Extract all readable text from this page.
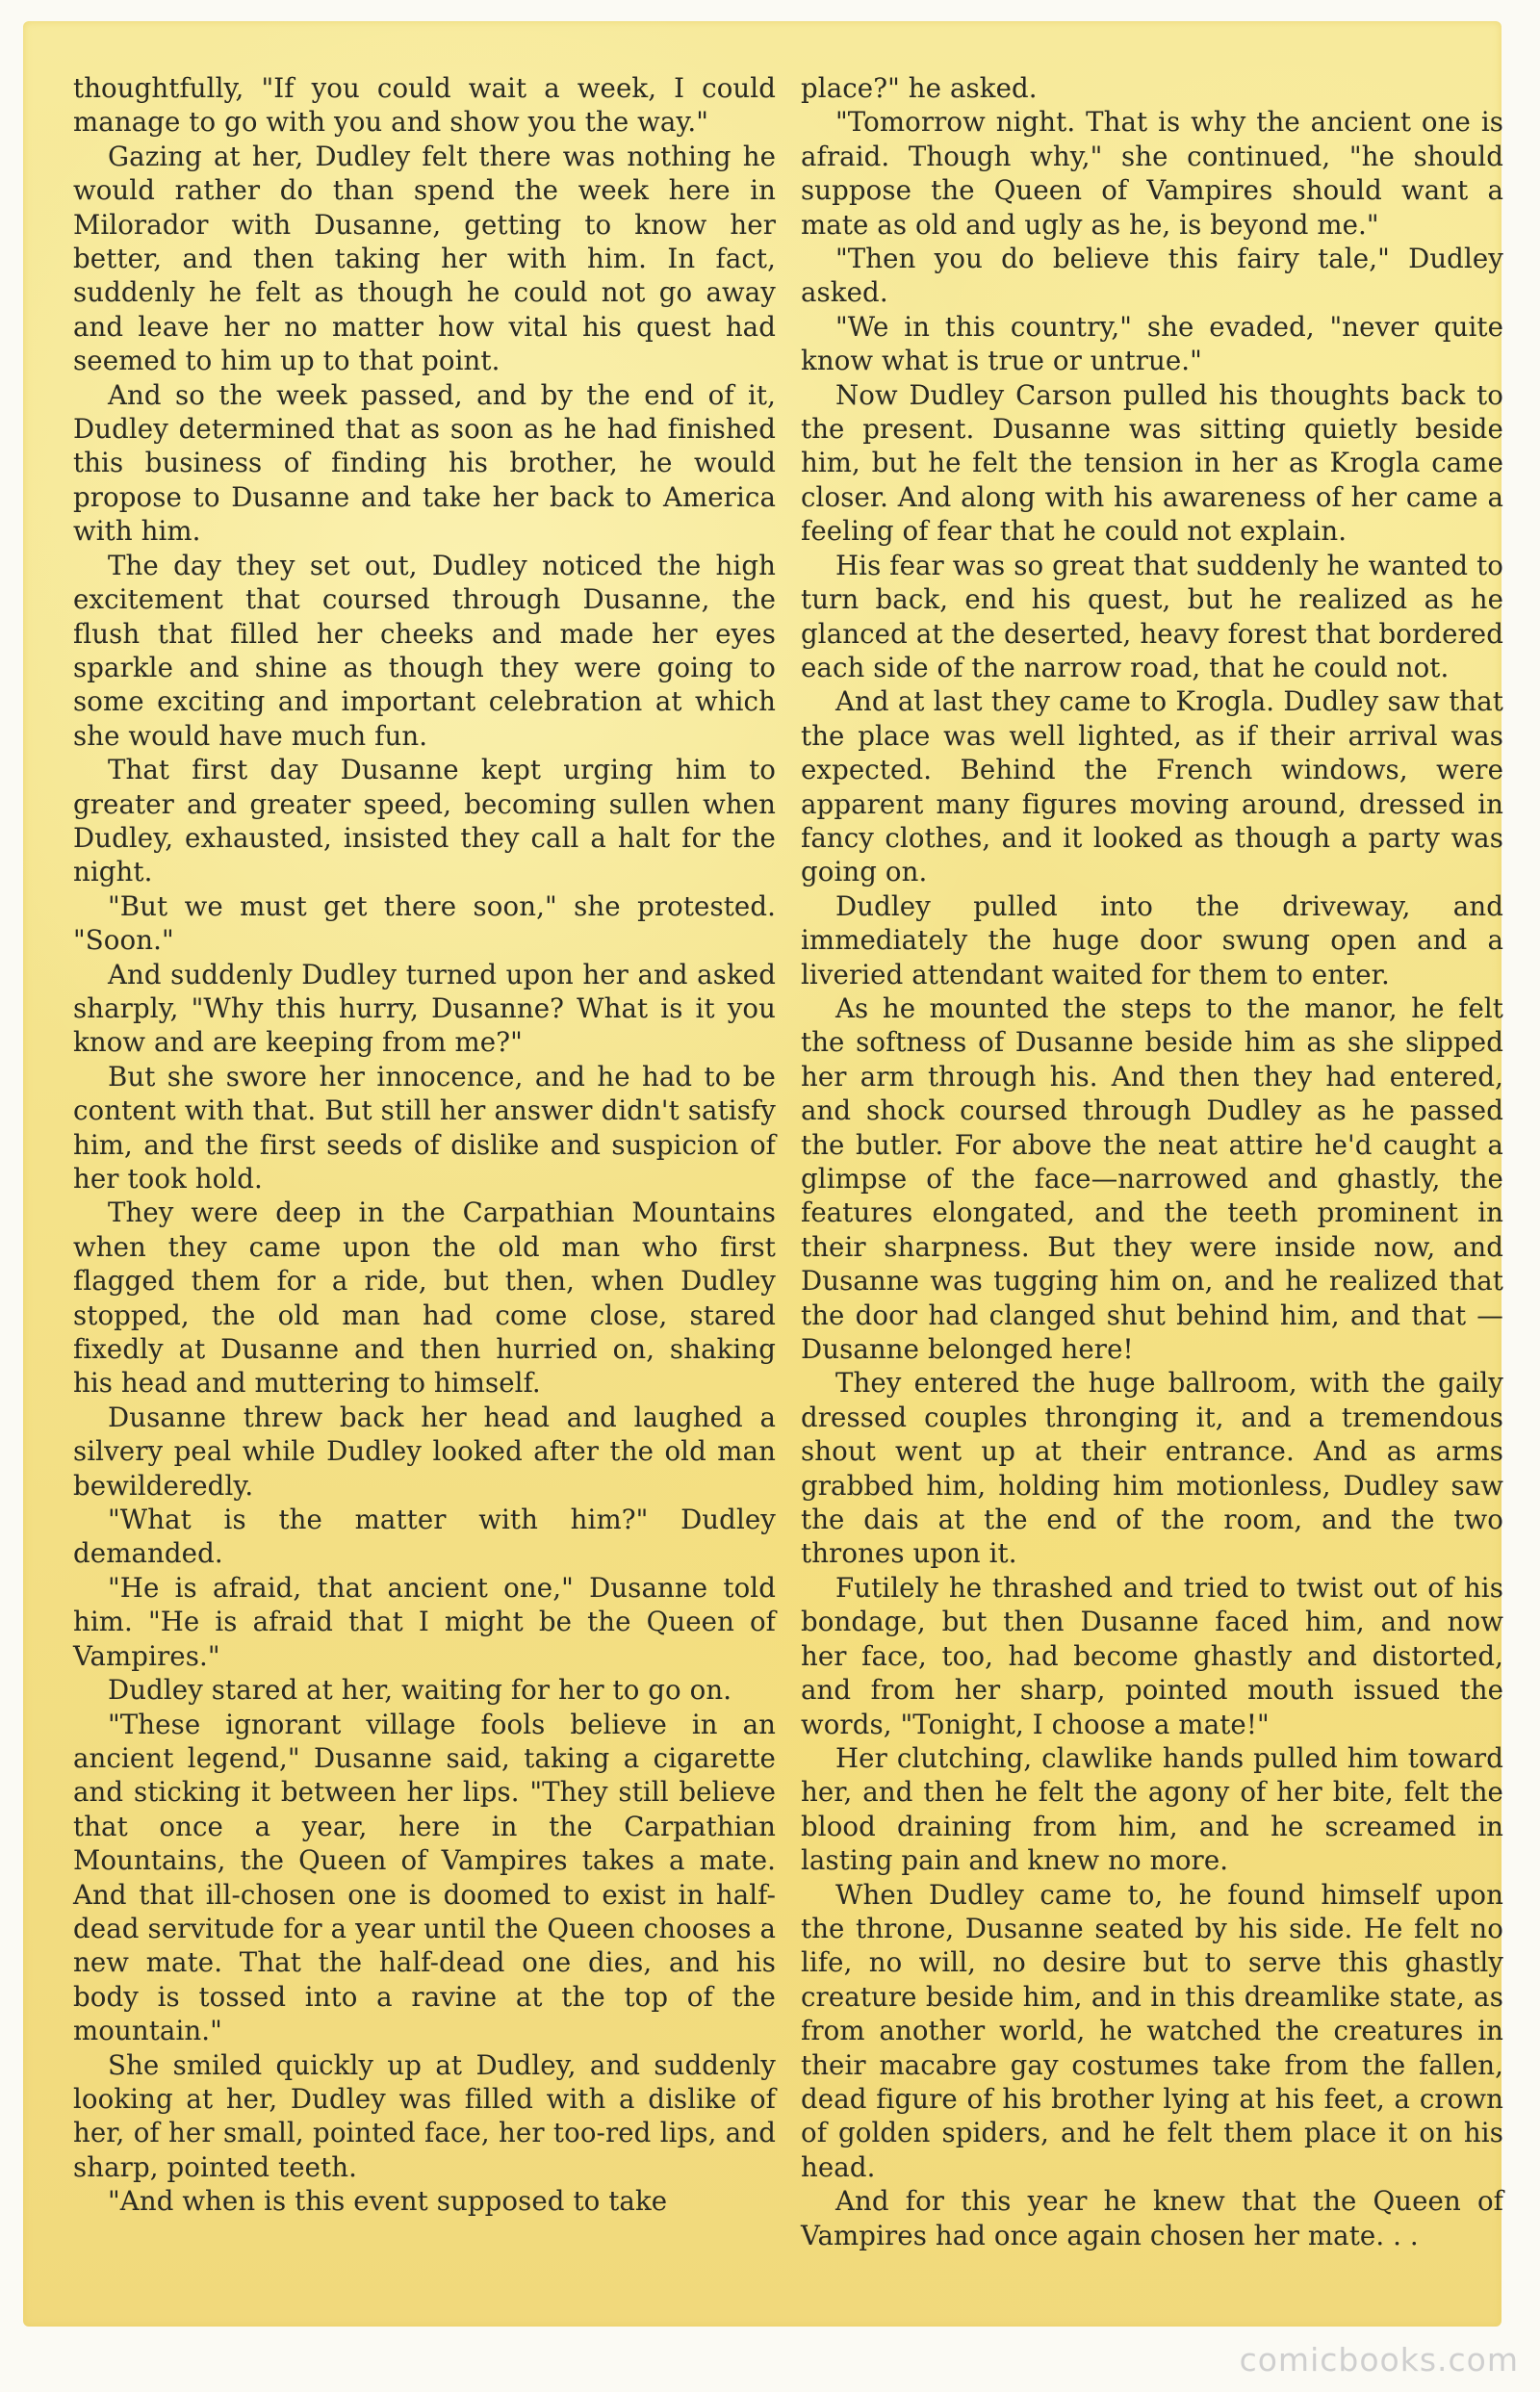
thoughtfully, "If you could wait a week, I could manage to go with you and show you the way."

Gazing at her, Dudley felt there was nothing he would rather do than spend the week here in Milorador with Dusanne, getting to know her better, and then taking her with him. In fact, suddenly he felt as though he could not go away and leave her no matter how vital his quest had seemed to him up to that point.

And so the week passed, and by the end of it, Dudley determined that as soon as he had finished this business of finding his brother, he would propose to Dusanne and take her back to America with him.

The day they set out, Dudley noticed the high excitement that coursed through Dusanne, the flush that filled her cheeks and made her eyes sparkle and shine as though they were going to some exciting and important celebration at which she would have much fun.

That first day Dusanne kept urging him to greater and greater speed, becoming sullen when Dudley, exhausted, insisted they call a halt for the night.

"But we must get there soon," she protested. "Soon."

And suddenly Dudley turned upon her and asked sharply, "Why this hurry, Dusanne? What is it you know and are keeping from me?"

But she swore her innocence, and he had to be content with that. But still her answer didn't satisfy him, and the first seeds of dislike and suspicion of her took hold.

They were deep in the Carpathian Mountains when they came upon the old man who first flagged them for a ride, but then, when Dudley stopped, the old man had come close, stared fixedly at Dusanne and then hurried on, shaking his head and muttering to himself.

Dusanne threw back her head and laughed a silvery peal while Dudley looked after the old man bewilderedly.

"What is the matter with him?" Dudley demanded.

"He is afraid, that ancient one," Dusanne told him. "He is afraid that I might be the Queen of Vampires."

Dudley stared at her, waiting for her to go on.

"These ignorant village fools believe in an ancient legend," Dusanne said, taking a cigarette and sticking it between her lips. "They still believe that once a year, here in the Carpathian Mountains, the Queen of Vampires takes a mate. And that ill-chosen one is doomed to exist in half-dead servitude for a year until the Queen chooses a new mate. That the half-dead one dies, and his body is tossed into a ravine at the top of the mountain."

She smiled quickly up at Dudley, and suddenly looking at her, Dudley was filled with a dislike of her, of her small, pointed face, her too-red lips, and sharp, pointed teeth.

"And when is this event supposed to take

place?" he asked.

"Tomorrow night. That is why the ancient one is afraid. Though why," she continued, "he should suppose the Queen of Vampires should want a mate as old and ugly as he, is beyond me."

"Then you do believe this fairy tale," Dudley asked.

"We in this country," she evaded, "never quite know what is true or untrue."

Now Dudley Carson pulled his thoughts back to the present. Dusanne was sitting quietly beside him, but he felt the tension in her as Krogla came closer. And along with his awareness of her came a feeling of fear that he could not explain.

His fear was so great that suddenly he wanted to turn back, end his quest, but he realized as he glanced at the deserted, heavy forest that bordered each side of the narrow road, that he could not.

And at last they came to Krogla. Dudley saw that the place was well lighted, as if their arrival was expected. Behind the French windows, were apparent many figures moving around, dressed in fancy clothes, and it looked as though a party was going on.

Dudley pulled into the driveway, and immediately the huge door swung open and a liveried attendant waited for them to enter.

As he mounted the steps to the manor, he felt the softness of Dusanne beside him as she slipped her arm through his. And then they had entered, and shock coursed through Dudley as he passed the butler. For above the neat attire he'd caught a glimpse of the face—narrowed and ghastly, the features elongated, and the teeth prominent in their sharpness. But they were inside now, and Dusanne was tugging him on, and he realized that the door had clanged shut behind him, and that —Dusanne belonged here!

They entered the huge ballroom, with the gaily dressed couples thronging it, and a tremendous shout went up at their entrance. And as arms grabbed him, holding him motionless, Dudley saw the dais at the end of the room, and the two thrones upon it.

Futilely he thrashed and tried to twist out of his bondage, but then Dusanne faced him, and now her face, too, had become ghastly and distorted, and from her sharp, pointed mouth issued the words, "Tonight, I choose a mate!"

Her clutching, clawlike hands pulled him toward her, and then he felt the agony of her bite, felt the blood draining from him, and he screamed in lasting pain and knew no more.

When Dudley came to, he found himself upon the throne, Dusanne seated by his side. He felt no life, no will, no desire but to serve this ghastly creature beside him, and in this dreamlike state, as from another world, he watched the creatures in their macabre gay costumes take from the fallen, dead figure of his brother lying at his feet, a crown of golden spiders, and he felt them place it on his head.

And for this year he knew that the Queen of Vampires had once again chosen her mate. . .

comicbooks.com
